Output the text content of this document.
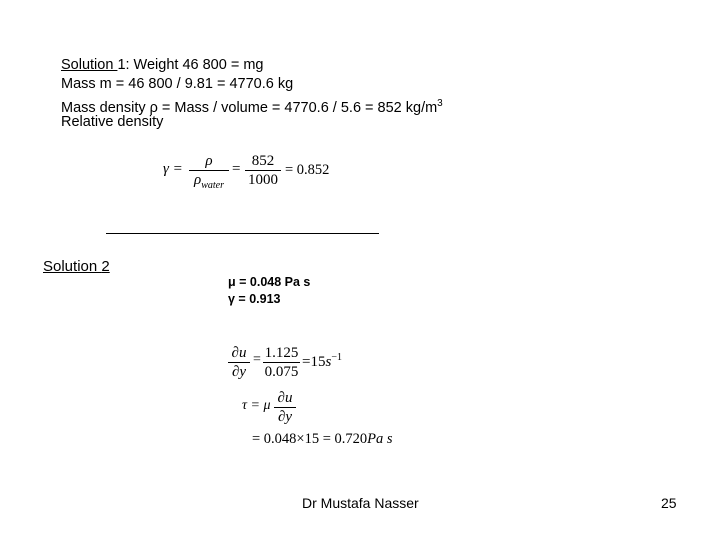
Solution 1: Weight 46 800 = mg
Mass m = 46 800 / 9.81 = 4770.6 kg
Mass density ρ = Mass / volume = 4770.6 / 5.6 = 852 $kg/m^3$
Relative density
γ = ρ
$\rho_{water}$
= 852
1000
= 0.852
Solution 2
μ = 0.048 Pa s
γ = 0.913
∂u
∂y
= 1.125
0.075
$=15s^{-1}$
τ = μ ∂u
∂y
= 0.048×15 = 0.720Pa s
Dr Mustafa Nasser	25
